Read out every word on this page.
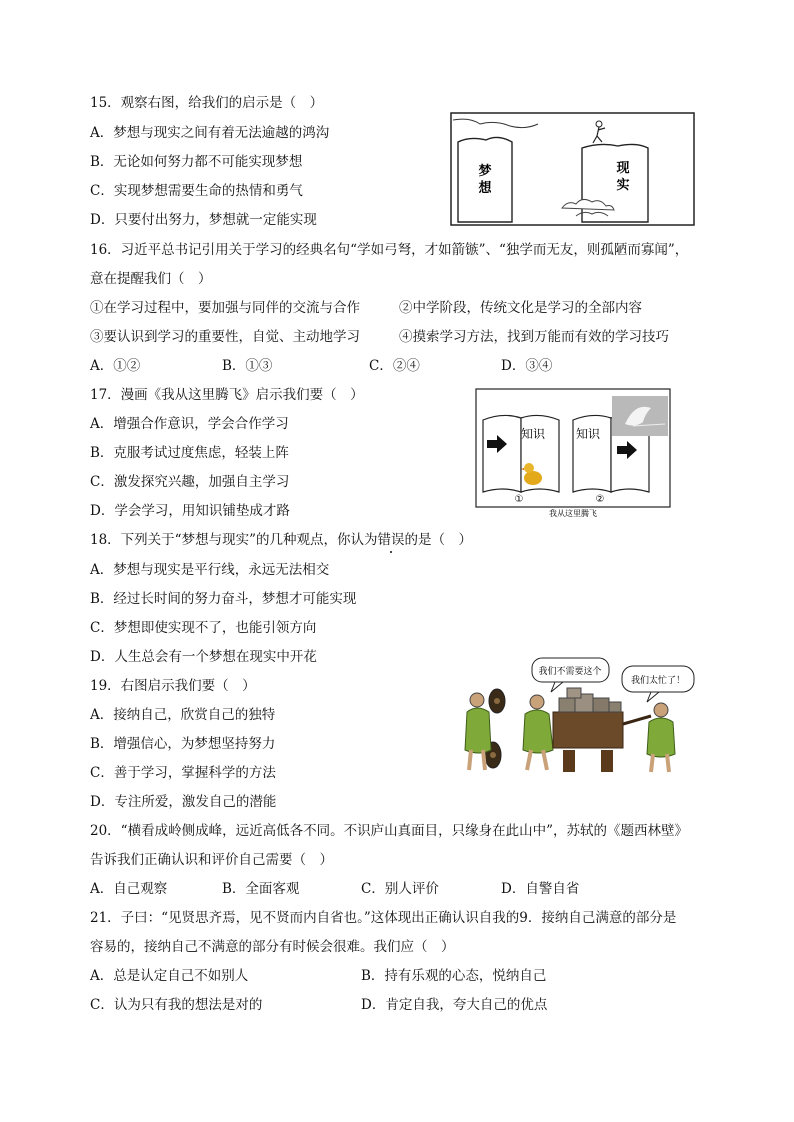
15．观察右图，给我们的启示是（　）
A．梦想与现实之间有着无法逾越的鸿沟
B．无论如何努力都不可能实现梦想
C．实现梦想需要生命的热情和勇气
D．只要付出努力，梦想就一定能实现
梦
想
现
实
16．习近平总书记引用关于学习的经典名句“学如弓弩，才如箭镞”、“独学而无友，则孤陋而寡闻”，
意在提醒我们（　）
①在学习过程中，要加强与同伴的交流与合作	②中学阶段，传统文化是学习的全部内容
③要认识到学习的重要性，自觉、主动地学习	④摸索学习方法，找到万能而有效的学习技巧
A．①②	B．①③	C．②④	D．③④
17．漫画《我从这里腾飞》启示我们要（　）
A．增强合作意识，学会合作学习
B．克服考试过度焦虑，轻装上阵
C．激发探究兴趣，加强自主学习
D．学会学习，用知识铺垫成才路
知识	知识
①	②
我从这里腾飞
18．下列关于“梦想与现实”的几种观点，你认为错误的是（　）
A．梦想与现实是平行线，永远无法相交
B．经过长时间的努力奋斗，梦想才可能实现
C．梦想即使实现不了，也能引领方向
D．人生总会有一个梦想在现实中开花
19．右图启示我们要（　）
A．接纳自己，欣赏自己的独特
B．增强信心，为梦想坚持努力
C．善于学习，掌握科学的方法
D．专注所爱，激发自己的潜能
我们不需要这个
我们太忙了！
20．“横看成岭侧成峰，远近高低各不同。不识庐山真面目，只缘身在此山中”，苏轼的《题西林壁》
告诉我们正确认识和评价自己需要（　）
A．自己观察	B．全面客观	C．别人评价	D．自警自省
21．子曰：“见贤思齐焉，见不贤而内自省也。”这体现出正确认识自我的9．接纳自己满意的部分是
容易的，接纳自己不满意的部分有时候会很难。我们应（　）
A．总是认定自己不如别人	B．持有乐观的心态，悦纳自己
C．认为只有我的想法是对的	D．肯定自我，夸大自己的优点
